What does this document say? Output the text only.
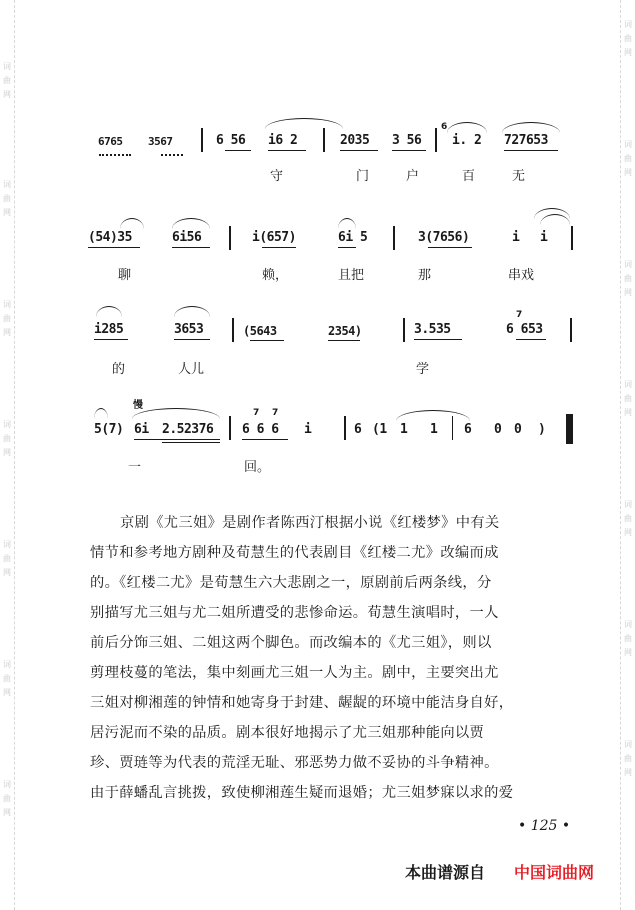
词
曲
网
词
曲
网
词
曲
网
词
曲
网
词
曲
网
词
曲
网
词
曲
网
词
曲
网
词
曲
网
词
曲
网
词
曲
网
词
曲
网
词
曲
网
词
曲
网
6765 3567	6 56 i6 2	2035 3 56
6
i. 2 727653
守	门	户	百	无
(54)35	6i56	i(657)	6i 5	3(7656)	i i
聊	赖，	且把	那	串戏
i285	3653	(5643	2354)	3.535
7
6 653
的	人儿	学
慢
5(7) 6i 2.52376
7 7
6 6 6 i	6 (1 1 1 6 0 0 )
一	回。
京剧《尤三姐》是剧作者陈西汀根据小说《红楼梦》中有关
情节和参考地方剧种及荀慧生的代表剧目《红楼二尤》改编而成
的。《红楼二尤》是荀慧生六大悲剧之一，原剧前后两条线，分
别描写尤三姐与尤二姐所遭受的悲惨命运。荀慧生演唱时，一人
前后分饰三姐、二姐这两个脚色。而改编本的《尤三姐》，则以
剪理枝蔓的笔法，集中刻画尤三姐一人为主。剧中，主要突出尤
三姐对柳湘莲的钟情和她寄身于封建、龌龊的环境中能洁身自好，
居污泥而不染的品质。剧本很好地揭示了尤三姐那种能向以贾
珍、贾琏等为代表的荒淫无耻、邪恶势力做不妥协的斗争精神。
由于薛蟠乱言挑拨，致使柳湘莲生疑而退婚；尤三姐梦寐以求的爱
• 125 •
本曲谱源自 中国词曲网
